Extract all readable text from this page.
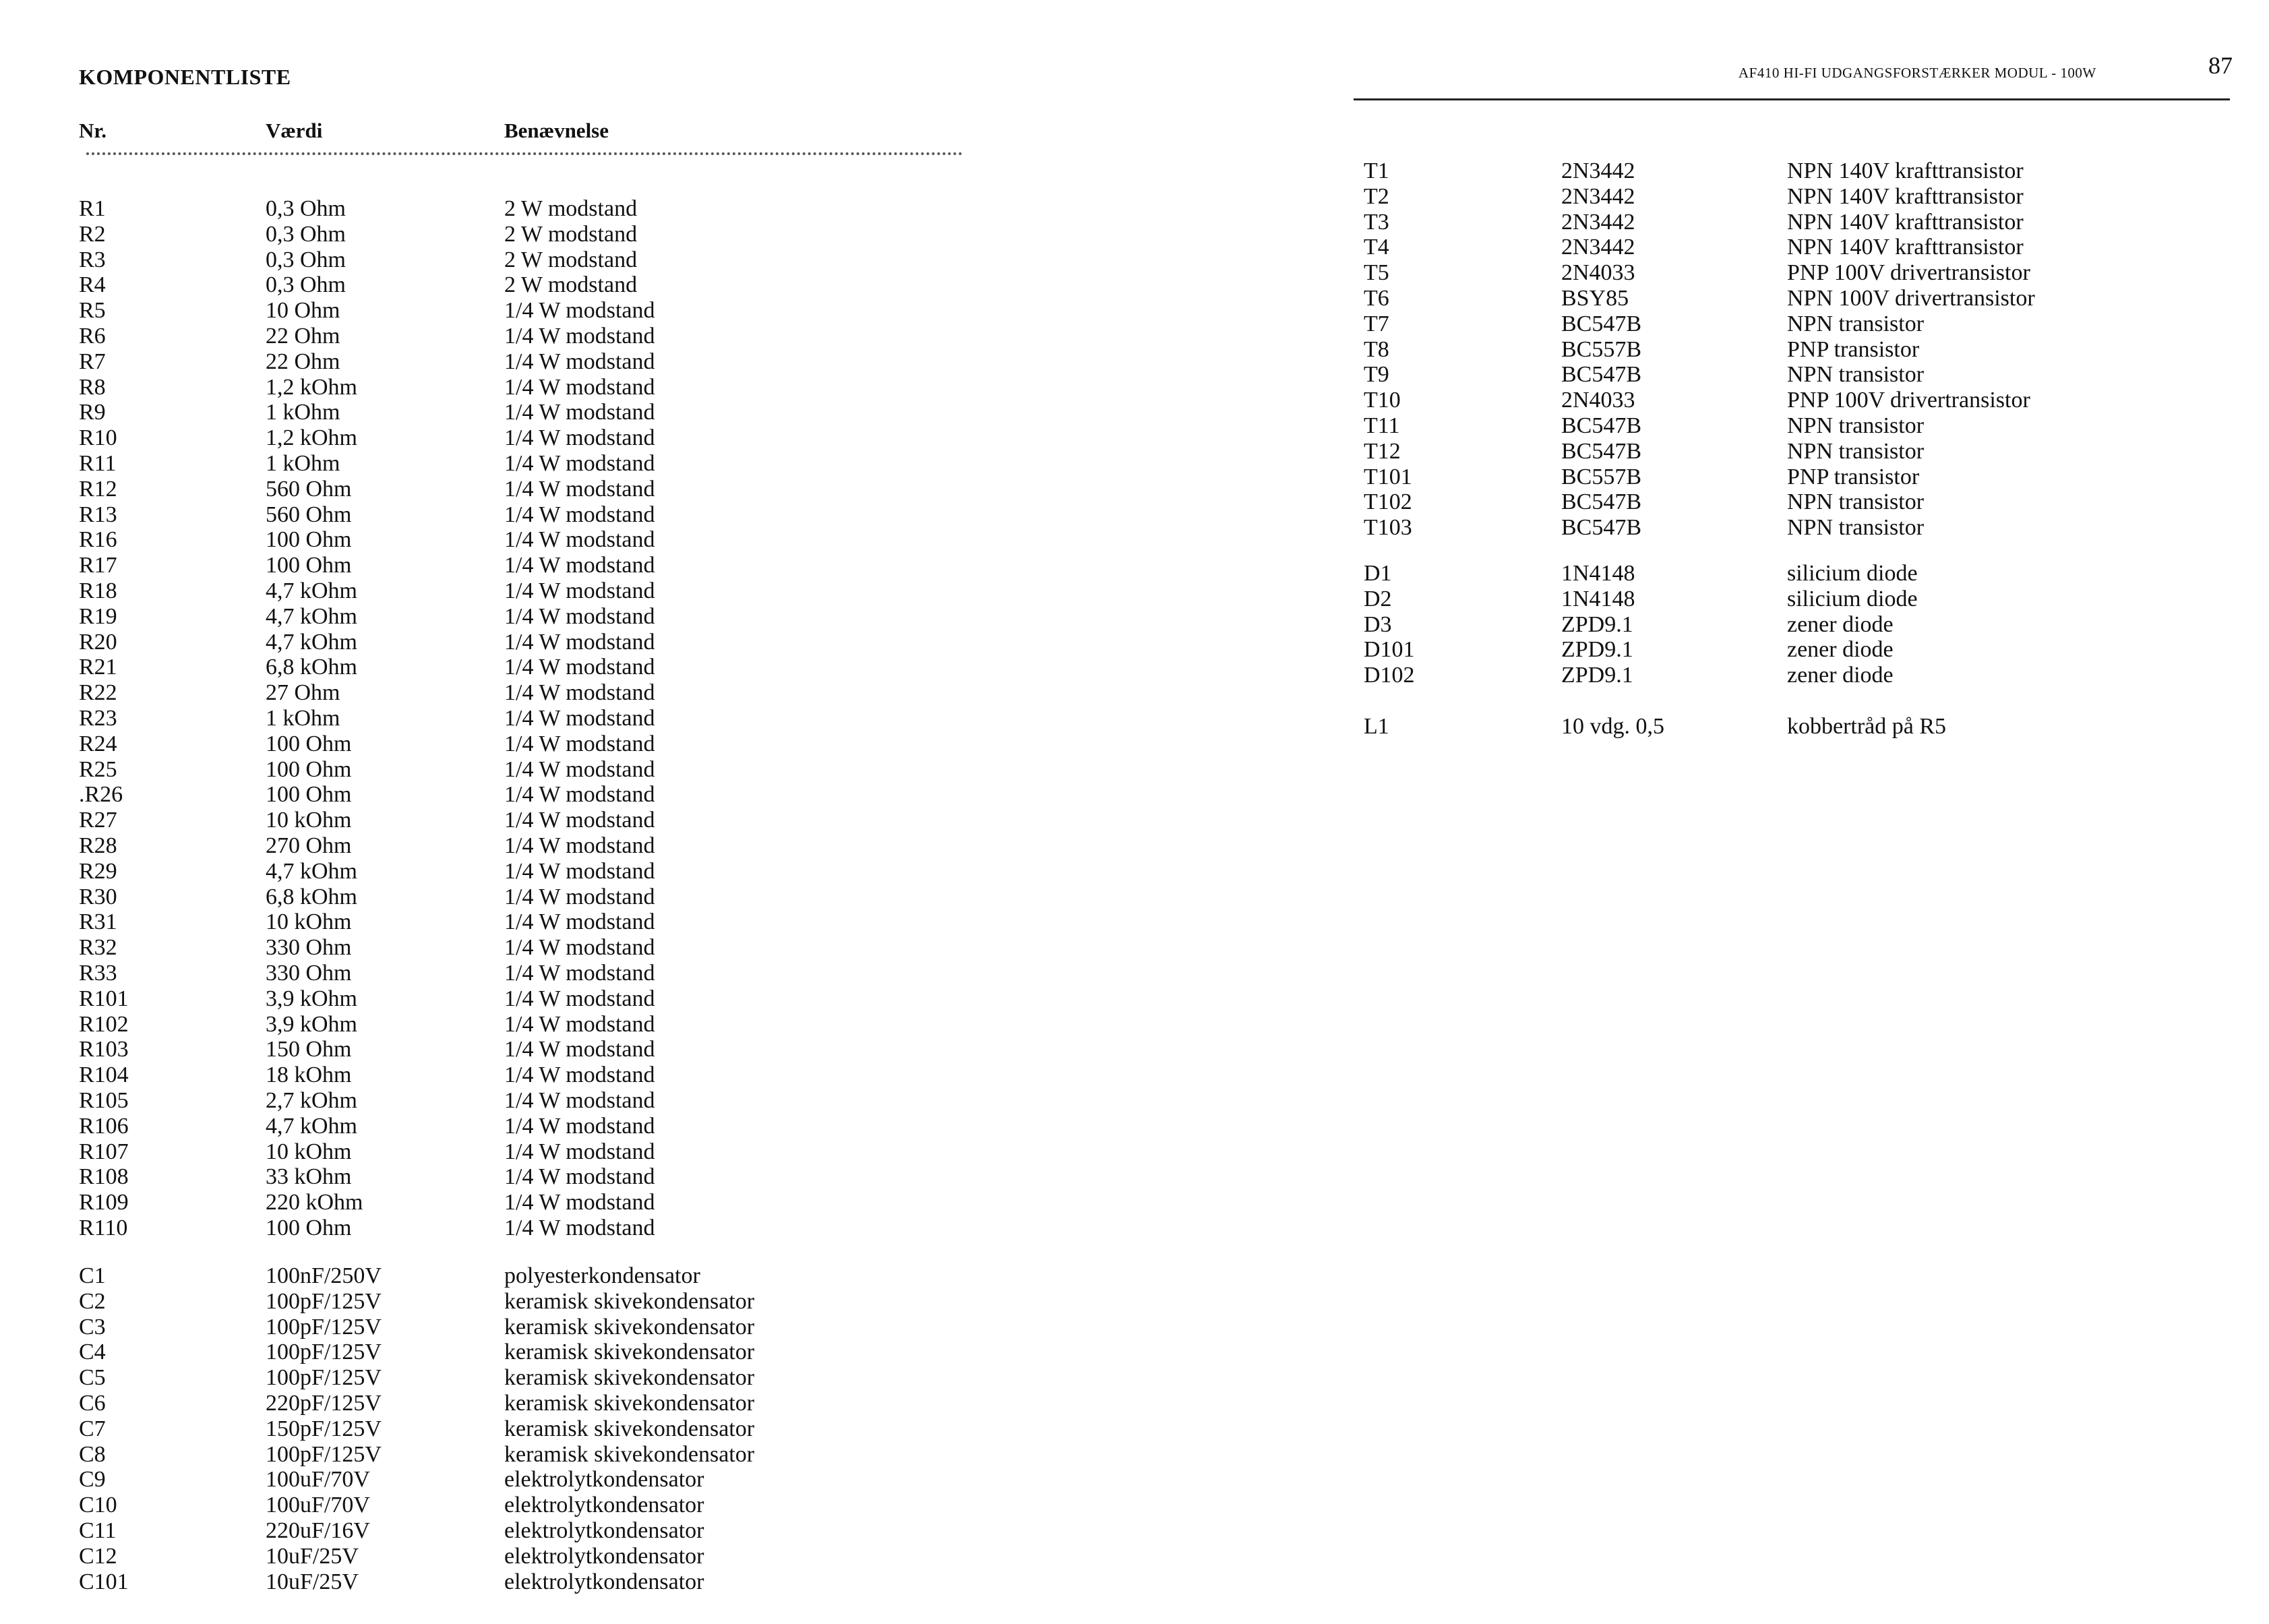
KOMPONENTLISTE
Nr.	Værdi	Benævnelse
R1	0,3 Ohm	2 W modstand
R2	0,3 Ohm	2 W modstand
R3	0,3 Ohm	2 W modstand
R4	0,3 Ohm	2 W modstand
R5	10 Ohm	1/4 W modstand
R6	22 Ohm	1/4 W modstand
R7	22 Ohm	1/4 W modstand
R8	1,2 kOhm	1/4 W modstand
R9	1 kOhm	1/4 W modstand
R10	1,2 kOhm	1/4 W modstand
R11	1 kOhm	1/4 W modstand
R12	560 Ohm	1/4 W modstand
R13	560 Ohm	1/4 W modstand
R16	100 Ohm	1/4 W modstand
R17	100 Ohm	1/4 W modstand
R18	4,7 kOhm	1/4 W modstand
R19	4,7 kOhm	1/4 W modstand
R20	4,7 kOhm	1/4 W modstand
R21	6,8 kOhm	1/4 W modstand
R22	27 Ohm	1/4 W modstand
R23	1 kOhm	1/4 W modstand
R24	100 Ohm	1/4 W modstand
R25	100 Ohm	1/4 W modstand
.R26	100 Ohm	1/4 W modstand
R27	10 kOhm	1/4 W modstand
R28	270 Ohm	1/4 W modstand
R29	4,7 kOhm	1/4 W modstand
R30	6,8 kOhm	1/4 W modstand
R31	10 kOhm	1/4 W modstand
R32	330 Ohm	1/4 W modstand
R33	330 Ohm	1/4 W modstand
R101	3,9 kOhm	1/4 W modstand
R102	3,9 kOhm	1/4 W modstand
R103	150 Ohm	1/4 W modstand
R104	18 kOhm	1/4 W modstand
R105	2,7 kOhm	1/4 W modstand
R106	4,7 kOhm	1/4 W modstand
R107	10 kOhm	1/4 W modstand
R108	33 kOhm	1/4 W modstand
R109	220 kOhm	1/4 W modstand
R110	100 Ohm	1/4 W modstand
C1	100nF/250V	polyesterkondensator
C2	100pF/125V	keramisk skivekondensator
C3	100pF/125V	keramisk skivekondensator
C4	100pF/125V	keramisk skivekondensator
C5	100pF/125V	keramisk skivekondensator
C6	220pF/125V	keramisk skivekondensator
C7	150pF/125V	keramisk skivekondensator
C8	100pF/125V	keramisk skivekondensator
C9	100uF/70V	elektrolytkondensator
C10	100uF/70V	elektrolytkondensator
C11	220uF/16V	elektrolytkondensator
C12	10uF/25V	elektrolytkondensator
C101	10uF/25V	elektrolytkondensator
AF410 HI-FI UDGANGSFORSTÆRKER MODUL - 100W	87
T1	2N3442	NPN 140V krafttransistor
T2	2N3442	NPN 140V krafttransistor
T3	2N3442	NPN 140V krafttransistor
T4	2N3442	NPN 140V krafttransistor
T5	2N4033	PNP 100V drivertransistor
T6	BSY85	NPN 100V drivertransistor
T7	BC547B	NPN transistor
T8	BC557B	PNP transistor
T9	BC547B	NPN transistor
T10	2N4033	PNP 100V drivertransistor
T11	BC547B	NPN transistor
T12	BC547B	NPN transistor
T101	BC557B	PNP transistor
T102	BC547B	NPN transistor
T103	BC547B	NPN transistor
D1	1N4148	silicium diode
D2	1N4148	silicium diode
D3	ZPD9.1	zener diode
D101	ZPD9.1	zener diode
D102	ZPD9.1	zener diode
L1	10 vdg. 0,5	kobbertråd på R5
